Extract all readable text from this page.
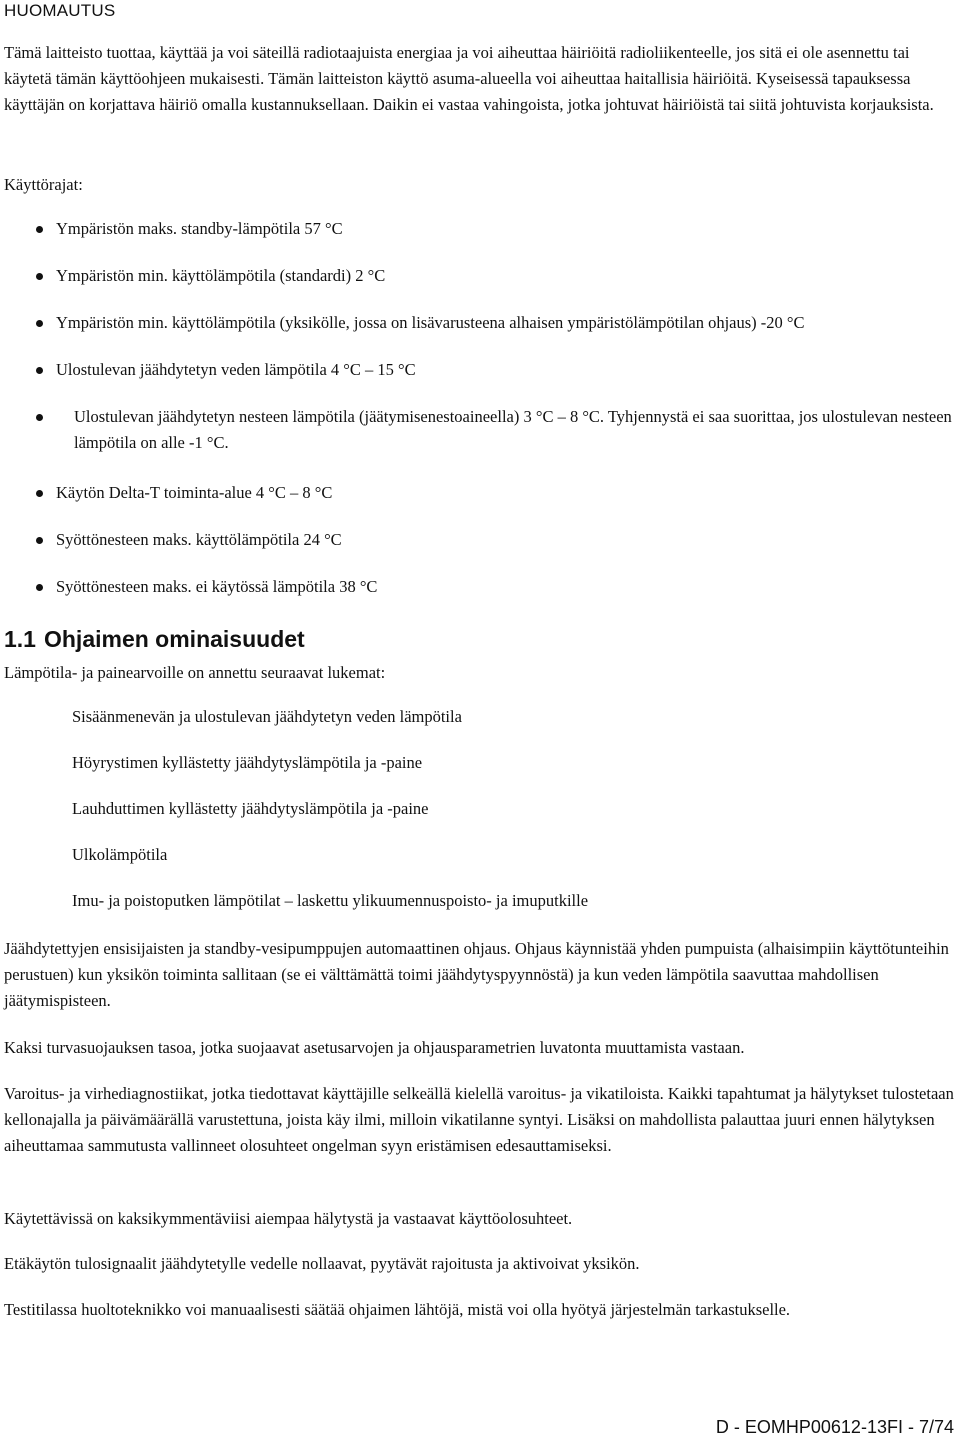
HUOMAUTUS

Tämä laitteisto tuottaa, käyttää ja voi säteillä radiotaajuista energiaa ja voi aiheuttaa häiriöitä radioliikenteelle, jos sitä ei ole asennettu tai käytetä tämän käyttöohjeen mukaisesti. Tämän laitteiston käyttö asuma-alueella voi aiheuttaa haitallisia häiriöitä. Kyseisessä tapauksessa käyttäjän on korjattava häiriö omalla kustannuksellaan. Daikin ei vastaa vahingoista, jotka johtuvat häiriöistä tai siitä johtuvista korjauksista.

Käyttörajat:

Ympäristön maks. standby-lämpötila 57 °C
Ympäristön min. käyttölämpötila (standardi) 2 °C
Ympäristön min. käyttölämpötila (yksikölle, jossa on lisävarusteena alhaisen ympäristölämpötilan ohjaus) -20 °C
Ulostulevan jäähdytetyn veden lämpötila 4 °C – 15 °C
Ulostulevan jäähdytetyn nesteen lämpötila (jäätymisenestoaineella) 3 °C – 8 °C. Tyhjennystä ei saa suorittaa, jos ulostulevan nesteen lämpötila on alle -1 °C.
Käytön Delta-T toiminta-alue 4 °C – 8 °C
Syöttönesteen maks. käyttölämpötila 24 °C
Syöttönesteen maks. ei käytössä lämpötila 38 °C
1.1 Ohjaimen ominaisuudet

Lämpötila- ja painearvoille on annettu seuraavat lukemat:

Sisäänmenevän ja ulostulevan jäähdytetyn veden lämpötila

Höyrystimen kyllästetty jäähdytyslämpötila ja -paine

Lauhduttimen kyllästetty jäähdytyslämpötila ja -paine

Ulkolämpötila

Imu- ja poistoputken lämpötilat – laskettu ylikuumennuspoisto- ja imuputkille

Jäähdytettyjen ensisijaisten ja standby-vesipumppujen automaattinen ohjaus. Ohjaus käynnistää yhden pumpuista (alhaisimpiin käyttötunteihin perustuen) kun yksikön toiminta sallitaan (se ei välttämättä toimi jäähdytyspyynnöstä) ja kun veden lämpötila saavuttaa mahdollisen jäätymispisteen.

Kaksi turvasuojauksen tasoa, jotka suojaavat asetusarvojen ja ohjausparametrien luvatonta muuttamista vastaan.

Varoitus- ja virhediagnostiikat, jotka tiedottavat käyttäjille selkeällä kielellä varoitus- ja vikatiloista. Kaikki tapahtumat ja hälytykset tulostetaan kellonajalla ja päivämäärällä varustettuna, joista käy ilmi, milloin vikatilanne syntyi. Lisäksi on mahdollista palauttaa juuri ennen hälytyksen aiheuttamaa sammutusta vallinneet olosuhteet ongelman syyn eristämisen edesauttamiseksi.

Käytettävissä on kaksikymmentäviisi aiempaa hälytystä ja vastaavat käyttöolosuhteet.

Etäkäytön tulosignaalit jäähdytetylle vedelle nollaavat, pyytävät rajoitusta ja aktivoivat yksikön.

Testitilassa huoltoteknikko voi manuaalisesti säätää ohjaimen lähtöjä, mistä voi olla hyötyä järjestelmän tarkastukselle.

D - EOMHP00612-13FI - 7/74
